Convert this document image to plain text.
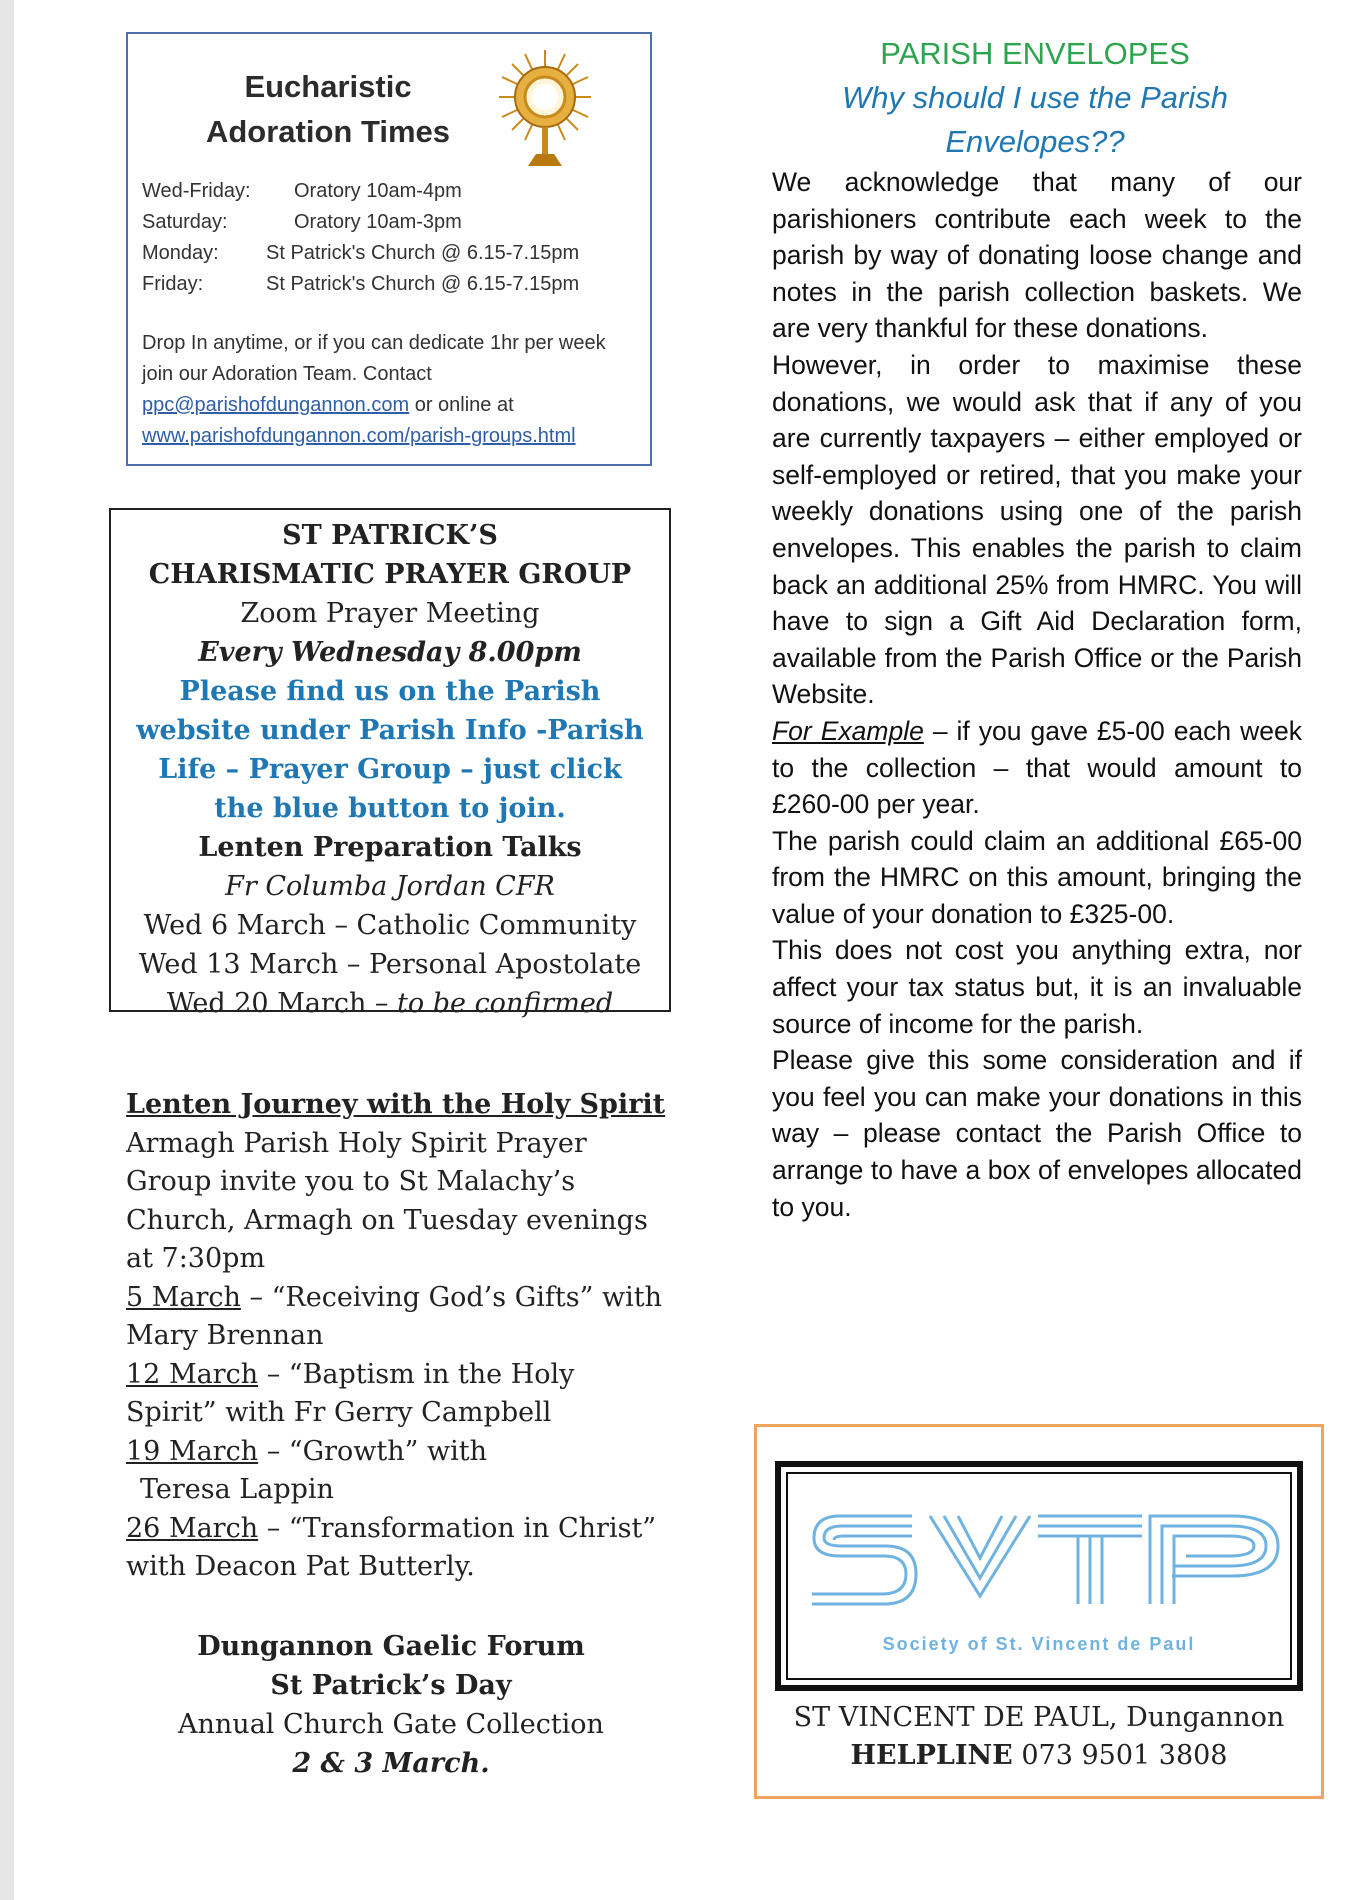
Eucharistic
Adoration Times
Wed-Friday: Oratory 10am-4pm
Saturday:	Oratory 10am-3pm
Monday: St Patrick's Church @ 6.15-7.15pm
Friday:	St Patrick's Church @ 6.15-7.15pm
Drop In anytime, or if you can dedicate 1hr per week join our Adoration Team. Contact
ppc@parishofdungannon.com or online at
www.parishofdungannon.com/parish-groups.html
ST PATRICK’S
CHARISMATIC PRAYER GROUP
Zoom Prayer Meeting
Every Wednesday 8.00pm
Please find us on the Parish website under Parish Info -Parish Life – Prayer Group – just click the blue button to join.
Lenten Preparation Talks
Fr Columba Jordan CFR
Wed 6 March – Catholic Community
Wed 13 March – Personal Apostolate
Wed 20 March – to be confirmed
Lenten Journey with the Holy Spirit
Armagh Parish Holy Spirit Prayer Group invite you to St Malachy’s Church, Armagh on Tuesday evenings at 7:30pm
5 March – “Receiving God’s Gifts” with Mary Brennan
12 March – “Baptism in the Holy Spirit” with Fr Gerry Campbell
19 March – “Growth” with
Teresa Lappin
26 March – “Transformation in Christ” with Deacon Pat Butterly.
Dungannon Gaelic Forum
St Patrick’s Day
Annual Church Gate Collection
2 & 3 March.
PARISH ENVELOPES
Why should I use the Parish Envelopes??

We acknowledge that many of our parishioners contribute each week to the parish by way of donating loose change and notes in the parish collection baskets. We are very thankful for these donations.

However, in order to maximise these donations, we would ask that if any of you are currently taxpayers – either employed or self-employed or retired, that you make your weekly donations using one of the parish envelopes. This enables the parish to claim back an additional 25% from HMRC. You will have to sign a Gift Aid Declaration form, available from the Parish Office or the Parish Website.

For Example – if you gave £5-00 each week to the collection – that would amount to £260-00 per year.

The parish could claim an additional £65-00 from the HMRC on this amount, bringing the value of your donation to £325-00.

This does not cost you anything extra, nor affect your tax status but, it is an invaluable source of income for the parish.

Please give this some consideration and if you feel you can make your donations in this way – please contact the Parish Office to arrange to have a box of envelopes allocated to you.

Society of St. Vincent de Paul
ST VINCENT DE PAUL, Dungannon
HELPLINE 073 9501 3808
